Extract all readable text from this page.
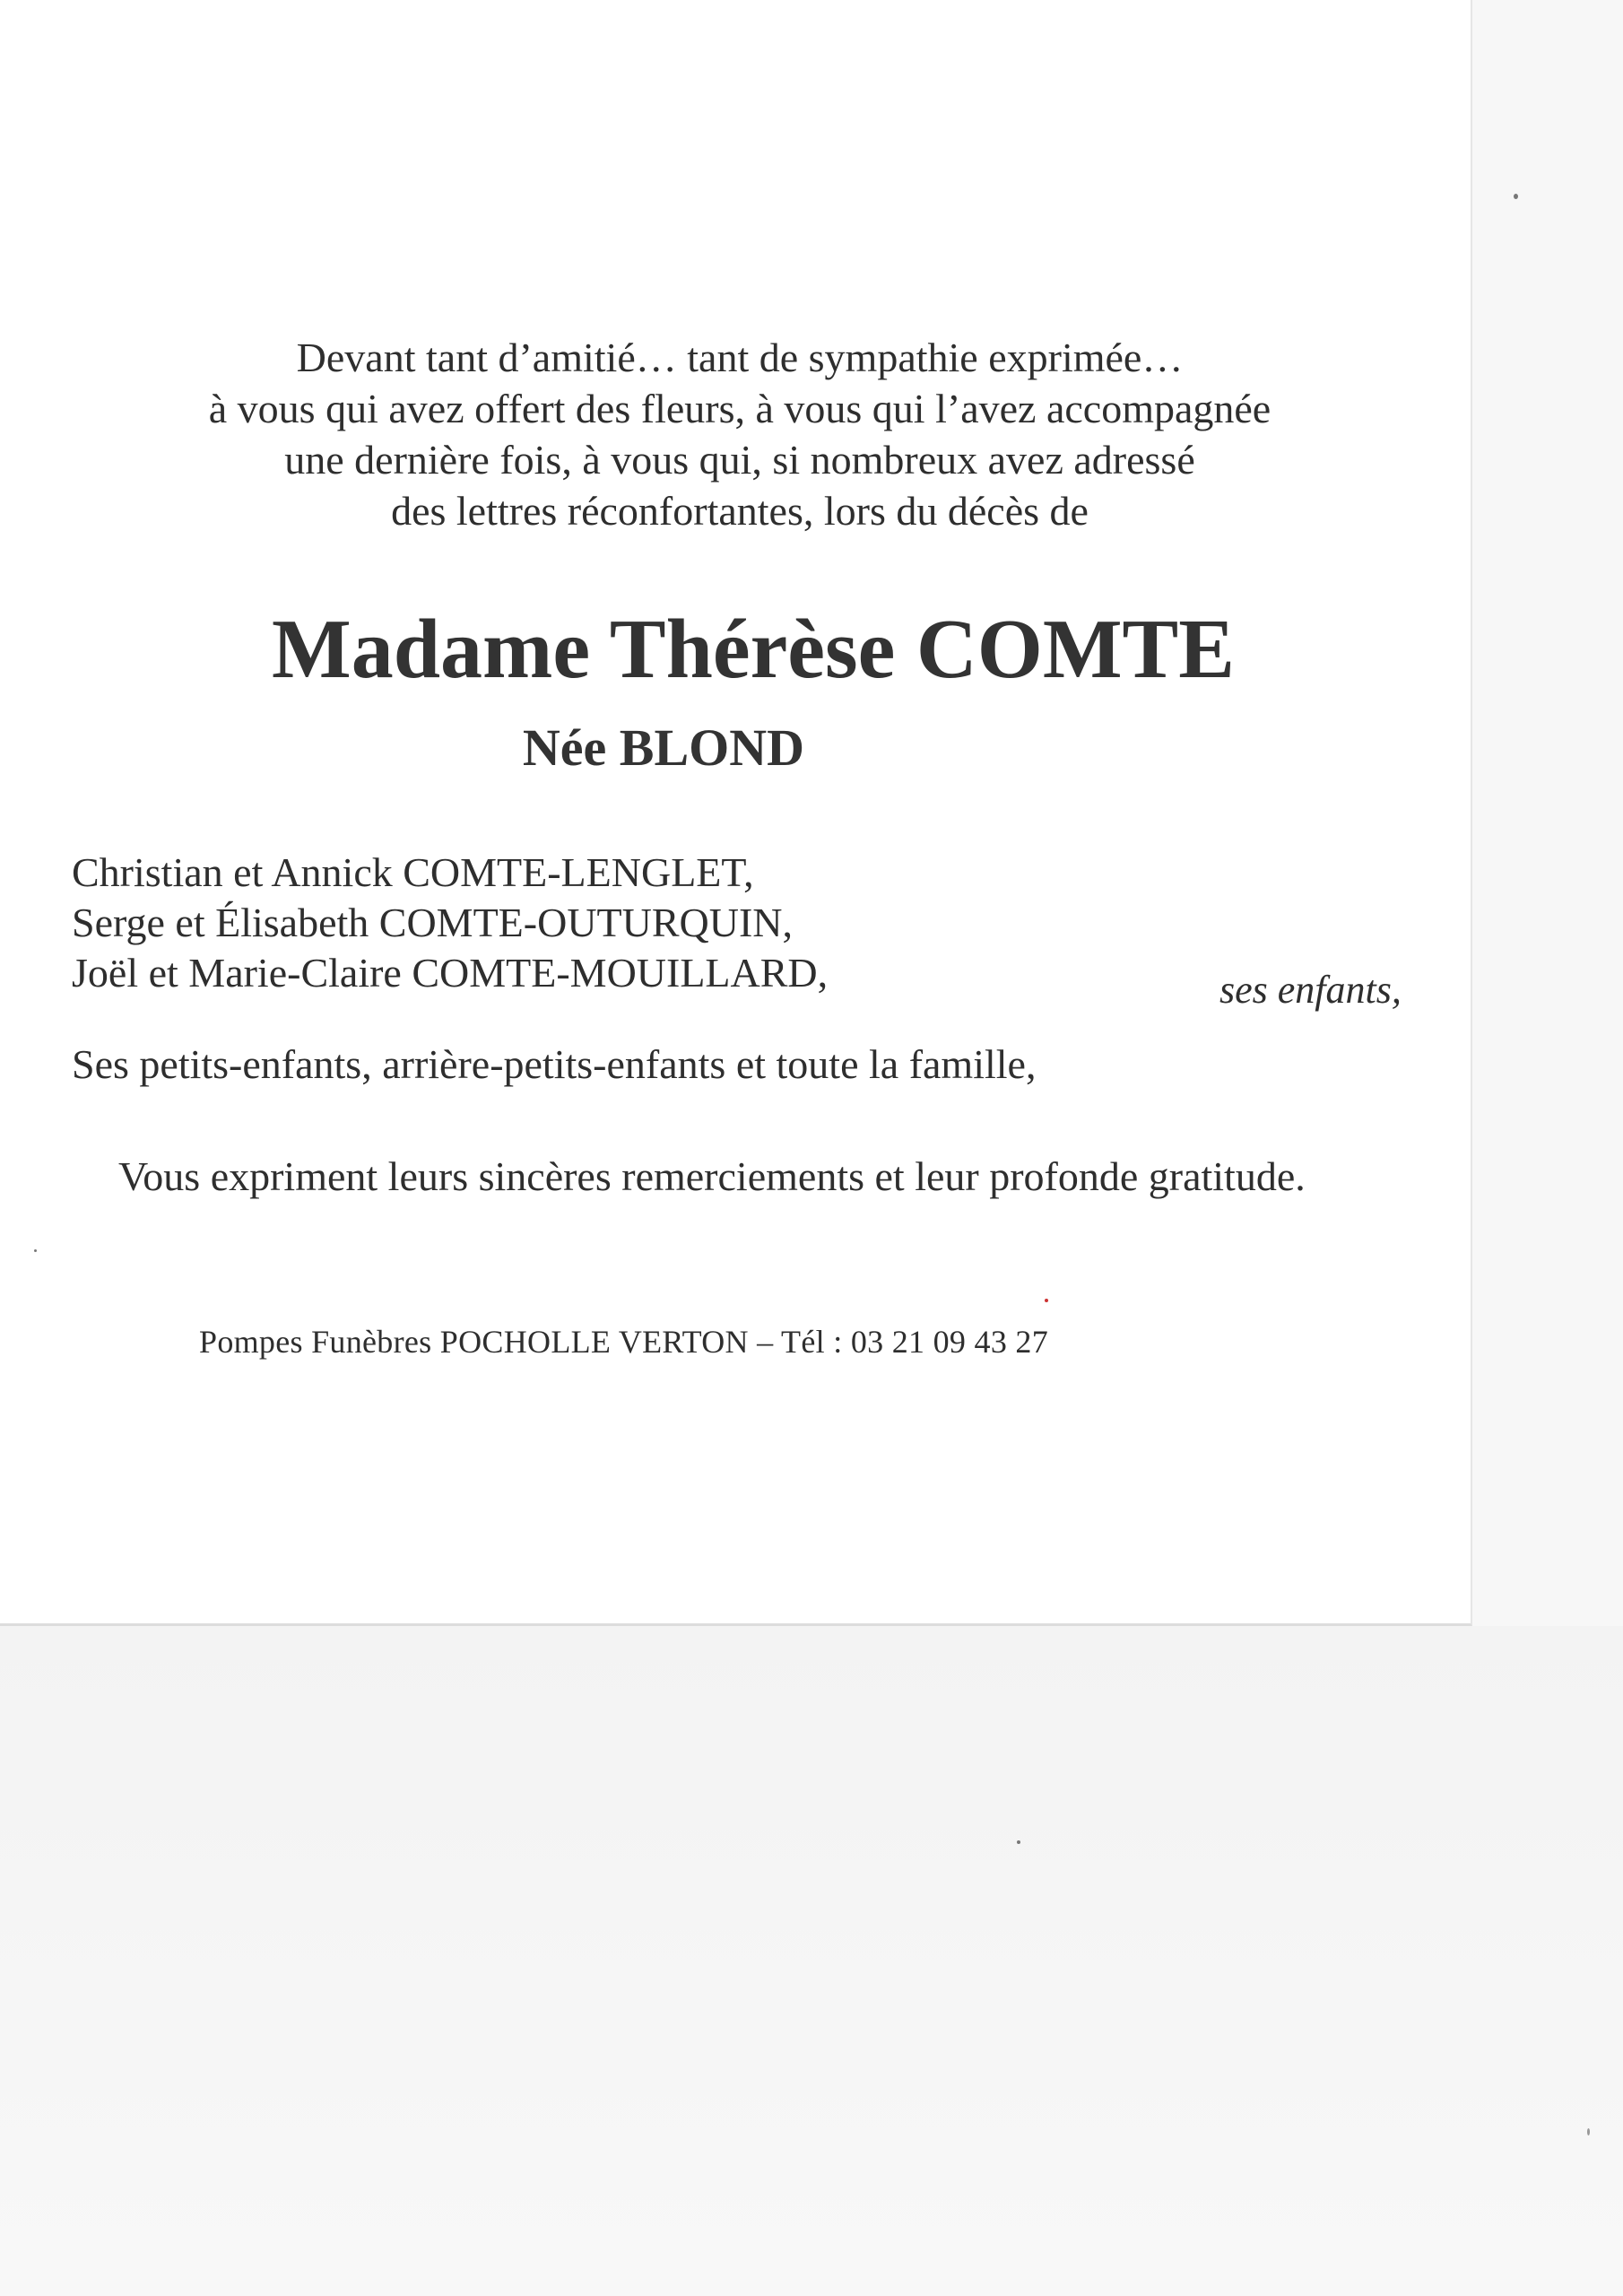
Devant tant d’amitié… tant de sympathie exprimée…
à vous qui avez offert des fleurs, à vous qui l’avez accompagnée
une dernière fois, à vous qui, si nombreux avez adressé
des lettres réconfortantes, lors du décès de
Madame Thérèse COMTE
Née BLOND
Christian et Annick COMTE-LENGLET,
Serge et Élisabeth COMTE-OUTURQUIN,
Joël et Marie-Claire COMTE-MOUILLARD,	ses enfants,
Ses petits-enfants, arrière-petits-enfants et toute la famille,
Vous expriment leurs sincères remerciements et leur profonde gratitude.
Pompes Funèbres POCHOLLE VERTON – Tél : 03 21 09 43 27
